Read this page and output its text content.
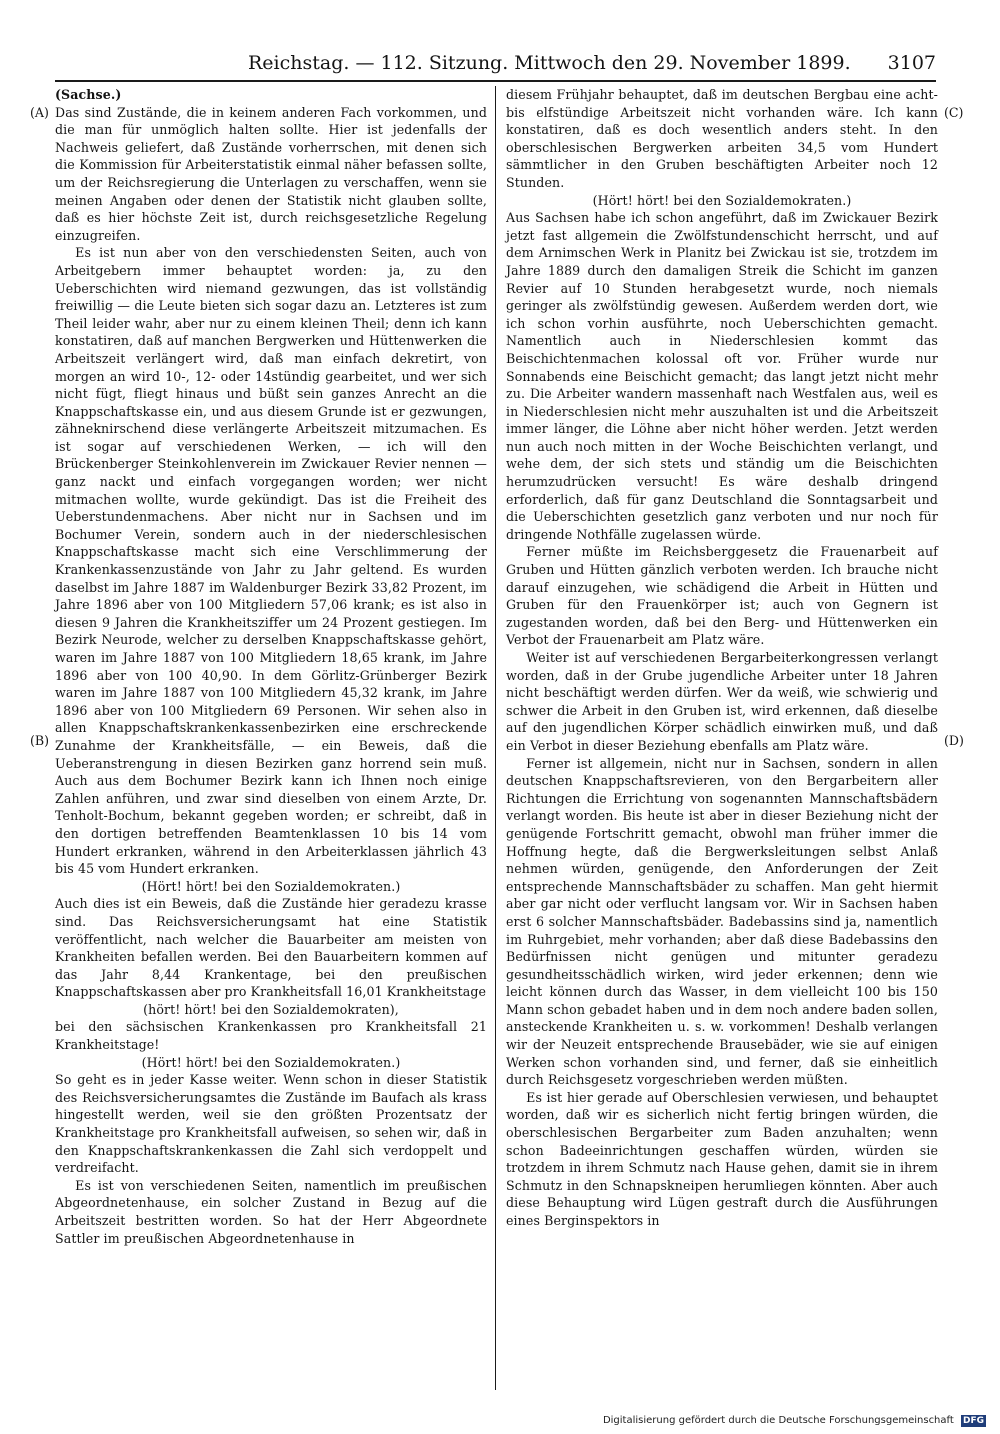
Reichstag. — 112. Sitzung. Mittwoch den 29. November 1899. 3107
(A)
(B)
(C)
(D)

(Sachse.)

Das sind Zustände, die in keinem anderen Fach vorkommen, und die man für unmöglich halten sollte. Hier ist jedenfalls der Nachweis geliefert, daß Zustände vorherrschen, mit denen sich die Kommission für Arbeiterstatistik einmal näher befassen sollte, um der Reichsregierung die Unterlagen zu verschaffen, wenn sie meinen Angaben oder denen der Statistik nicht glauben sollte, daß es hier höchste Zeit ist, durch reichsgesetzliche Regelung einzugreifen.

Es ist nun aber von den verschiedensten Seiten, auch von Arbeitgebern immer behauptet worden: ja, zu den Ueberschichten wird niemand gezwungen, das ist vollständig freiwillig — die Leute bieten sich sogar dazu an. Letzteres ist zum Theil leider wahr, aber nur zu einem kleinen Theil; denn ich kann konstatiren, daß auf manchen Bergwerken und Hüttenwerken die Arbeitszeit verlängert wird, daß man einfach dekretirt, von morgen an wird 10-, 12- oder 14stündig gearbeitet, und wer sich nicht fügt, fliegt hinaus und büßt sein ganzes Anrecht an die Knappschaftskasse ein, und aus diesem Grunde ist er gezwungen, zähneknirschend diese verlängerte Arbeitszeit mitzumachen. Es ist sogar auf verschiedenen Werken, — ich will den Brückenberger Steinkohlenverein im Zwickauer Revier nennen — ganz nackt und einfach vorgegangen worden; wer nicht mitmachen wollte, wurde gekündigt. Das ist die Freiheit des Ueberstundenmachens. Aber nicht nur in Sachsen und im Bochumer Verein, sondern auch in der niederschlesischen Knappschaftskasse macht sich eine Verschlimmerung der Krankenkassenzustände von Jahr zu Jahr geltend. Es wurden daselbst im Jahre 1887 im Waldenburger Bezirk 33,82 Prozent, im Jahre 1896 aber von 100 Mitgliedern 57,06 krank; es ist also in diesen 9 Jahren die Krankheitsziffer um 24 Prozent gestiegen. Im Bezirk Neurode, welcher zu derselben Knappschaftskasse gehört, waren im Jahre 1887 von 100 Mitgliedern 18,65 krank, im Jahre 1896 aber von 100 40,90. In dem Görlitz-Grünberger Bezirk waren im Jahre 1887 von 100 Mitgliedern 45,32 krank, im Jahre 1896 aber von 100 Mitgliedern 69 Personen. Wir sehen also in allen Knappschaftskrankenkassenbezirken eine erschreckende Zunahme der Krankheitsfälle, — ein Beweis, daß die Ueberanstrengung in diesen Bezirken ganz horrend sein muß. Auch aus dem Bochumer Bezirk kann ich Ihnen noch einige Zahlen anführen, und zwar sind dieselben von einem Arzte, Dr. Tenholt-Bochum, bekannt gegeben worden; er schreibt, daß in den dortigen betreffenden Beamtenklassen 10 bis 14 vom Hundert erkranken, während in den Arbeiterklassen jährlich 43 bis 45 vom Hundert erkranken.

(Hört! hört! bei den Sozialdemokraten.)

Auch dies ist ein Beweis, daß die Zustände hier geradezu krasse sind. Das Reichsversicherungsamt hat eine Statistik veröffentlicht, nach welcher die Bauarbeiter am meisten von Krankheiten befallen werden. Bei den Bauarbeitern kommen auf das Jahr 8,44 Krankentage, bei den preußischen Knappschaftskassen aber pro Krankheitsfall 16,01 Krankheitstage

(hört! hört! bei den Sozialdemokraten),

bei den sächsischen Krankenkassen pro Krankheitsfall 21 Krankheitstage!

(Hört! hört! bei den Sozialdemokraten.)

So geht es in jeder Kasse weiter. Wenn schon in dieser Statistik des Reichsversicherungsamtes die Zustände im Baufach als krass hingestellt werden, weil sie den größten Prozentsatz der Krankheitstage pro Krankheitsfall aufweisen, so sehen wir, daß in den Knappschaftskrankenkassen die Zahl sich verdoppelt und verdreifacht.

Es ist von verschiedenen Seiten, namentlich im preußischen Abgeordnetenhause, ein solcher Zustand in Bezug auf die Arbeitszeit bestritten worden. So hat der Herr Abgeordnete Sattler im preußischen Abgeordnetenhause in

diesem Frühjahr behauptet, daß im deutschen Bergbau eine acht- bis elfstündige Arbeitszeit nicht vorhanden wäre. Ich kann konstatiren, daß es doch wesentlich anders steht. In den oberschlesischen Bergwerken arbeiten 34,5 vom Hundert sämmtlicher in den Gruben beschäftigten Arbeiter noch 12 Stunden.

(Hört! hört! bei den Sozialdemokraten.)

Aus Sachsen habe ich schon angeführt, daß im Zwickauer Bezirk jetzt fast allgemein die Zwölfstundenschicht herrscht, und auf dem Arnimschen Werk in Planitz bei Zwickau ist sie, trotzdem im Jahre 1889 durch den damaligen Streik die Schicht im ganzen Revier auf 10 Stunden herabgesetzt wurde, noch niemals geringer als zwölfstündig gewesen. Außerdem werden dort, wie ich schon vorhin ausführte, noch Ueberschichten gemacht. Namentlich auch in Niederschlesien kommt das Beischichtenmachen kolossal oft vor. Früher wurde nur Sonnabends eine Beischicht gemacht; das langt jetzt nicht mehr zu. Die Arbeiter wandern massenhaft nach Westfalen aus, weil es in Niederschlesien nicht mehr auszuhalten ist und die Arbeitszeit immer länger, die Löhne aber nicht höher werden. Jetzt werden nun auch noch mitten in der Woche Beischichten verlangt, und wehe dem, der sich stets und ständig um die Beischichten herumzudrücken versucht! Es wäre deshalb dringend erforderlich, daß für ganz Deutschland die Sonntagsarbeit und die Ueberschichten gesetzlich ganz verboten und nur noch für dringende Nothfälle zugelassen würde.

Ferner müßte im Reichsberggesetz die Frauenarbeit auf Gruben und Hütten gänzlich verboten werden. Ich brauche nicht darauf einzugehen, wie schädigend die Arbeit in Hütten und Gruben für den Frauenkörper ist; auch von Gegnern ist zugestanden worden, daß bei den Berg- und Hüttenwerken ein Verbot der Frauenarbeit am Platz wäre.

Weiter ist auf verschiedenen Bergarbeiterkongressen verlangt worden, daß in der Grube jugendliche Arbeiter unter 18 Jahren nicht beschäftigt werden dürfen. Wer da weiß, wie schwierig und schwer die Arbeit in den Gruben ist, wird erkennen, daß dieselbe auf den jugendlichen Körper schädlich einwirken muß, und daß ein Verbot in dieser Beziehung ebenfalls am Platz wäre.

Ferner ist allgemein, nicht nur in Sachsen, sondern in allen deutschen Knappschaftsrevieren, von den Bergarbeitern aller Richtungen die Errichtung von sogenannten Mannschaftsbädern verlangt worden. Bis heute ist aber in dieser Beziehung nicht der genügende Fortschritt gemacht, obwohl man früher immer die Hoffnung hegte, daß die Bergwerksleitungen selbst Anlaß nehmen würden, genügende, den Anforderungen der Zeit entsprechende Mannschaftsbäder zu schaffen. Man geht hiermit aber gar nicht oder verflucht langsam vor. Wir in Sachsen haben erst 6 solcher Mannschaftsbäder. Badebassins sind ja, namentlich im Ruhrgebiet, mehr vorhanden; aber daß diese Badebassins den Bedürfnissen nicht genügen und mitunter geradezu gesundheitsschädlich wirken, wird jeder erkennen; denn wie leicht können durch das Wasser, in dem vielleicht 100 bis 150 Mann schon gebadet haben und in dem noch andere baden sollen, ansteckende Krankheiten u. s. w. vorkommen! Deshalb verlangen wir der Neuzeit entsprechende Brausebäder, wie sie auf einigen Werken schon vorhanden sind, und ferner, daß sie einheitlich durch Reichsgesetz vorgeschrieben werden müßten.

Es ist hier gerade auf Oberschlesien verwiesen, und behauptet worden, daß wir es sicherlich nicht fertig bringen würden, die oberschlesischen Bergarbeiter zum Baden anzuhalten; wenn schon Badeeinrichtungen geschaffen würden, würden sie trotzdem in ihrem Schmutz nach Hause gehen, damit sie in ihrem Schmutz in den Schnapskneipen herumliegen könnten. Aber auch diese Behauptung wird Lügen gestraft durch die Ausführungen eines Berginspektors in

Digitalisierung gefördert durch die Deutsche Forschungsgemeinschaft DFG
